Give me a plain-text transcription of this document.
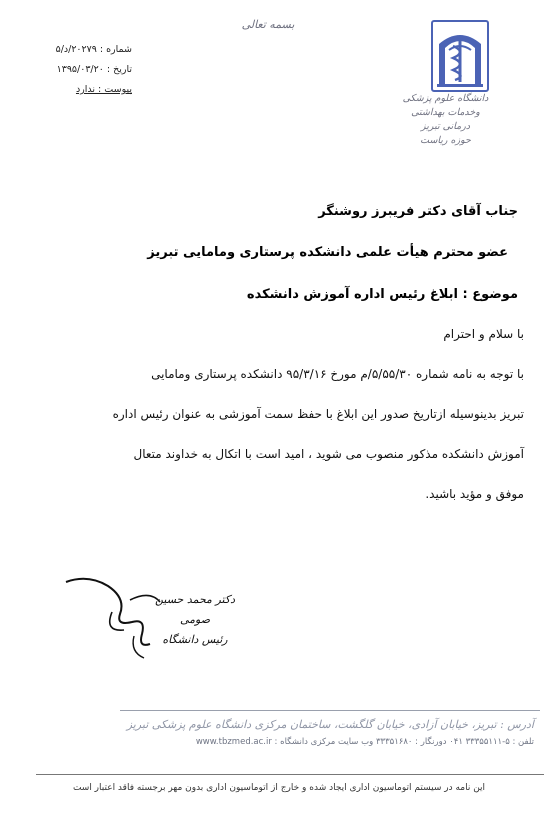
بسمه تعالی
شماره : ۲۰۲۷۹/د/۵
تاریخ : ۱۳۹۵/۰۳/۲۰
پیوست : ندارد
دانشگاه علوم پزشکی
وخدمات بهداشتی درمانی تبریز
حوزه ریاست
جناب آقای دکتر فریبرز روشنگر
عضو محترم هیأت علمی دانشکده پرستاری ومامایی تبریز
موضوع : ابلاغ رئیس اداره آموزش دانشکده
با سلام و احترام
با توجه به نامه شماره ۵/۵۵/۳۰/م مورخ ۹۵/۳/۱۶ دانشکده پرستاری ومامایی
تبریز بدینوسیله ازتاریخ صدور این ابلاغ با حفظ سمت آموزشی به عنوان رئیس اداره
آموزش دانشکده مذکور منصوب می شوید ، امید است با اتکال به خداوند متعال
موفق و مؤید باشید.
دکتر محمد حسین صومی
رئیس دانشگاه
آدرس : تبریز، خیابان آزادی، خیابان گلگشت، ساختمان مرکزی دانشگاه علوم پزشکی تبریز
تلفن : ۵-۳۳۳۵۵۱۱۱ ۰۴۱ دورنگار : ۳۳۳۵۱۶۸۰ وب سایت مرکزی دانشگاه : www.tbzmed.ac.ir
این نامه در سیستم اتوماسیون اداری ایجاد شده و خارج از اتوماسیون اداری بدون مهر برجسته فاقد اعتبار است
